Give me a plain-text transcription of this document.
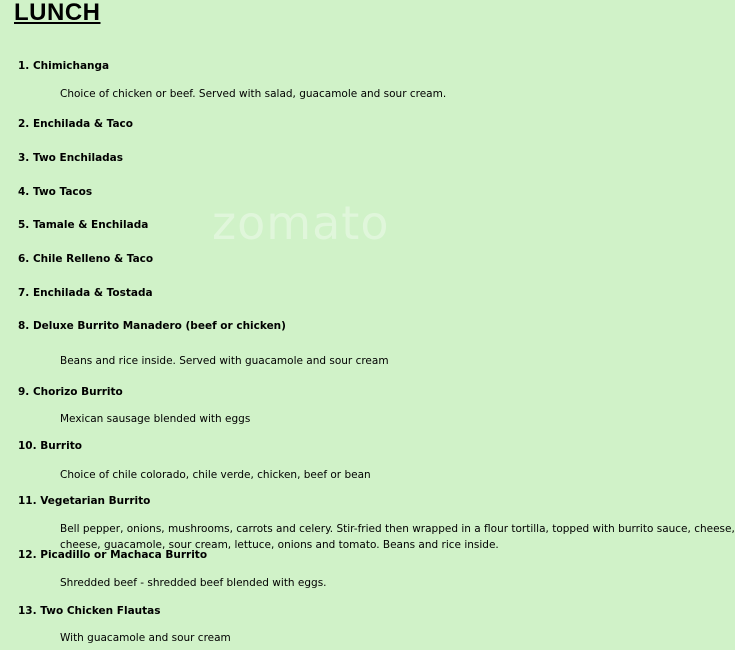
LUNCH
zomato
1. Chimichanga
Choice of chicken or beef. Served with salad, guacamole and sour cream.
2. Enchilada & Taco
3. Two Enchiladas
4. Two Tacos
5. Tamale & Enchilada
6. Chile Relleno & Taco
7. Enchilada & Tostada
8. Deluxe Burrito Manadero (beef or chicken)
Beans and rice inside. Served with guacamole and sour cream
9. Chorizo Burrito
Mexican sausage blended with eggs
10. Burrito
Choice of chile colorado, chile verde, chicken, beef or bean
11. Vegetarian Burrito
Bell pepper, onions, mushrooms, carrots and celery. Stir-fried then wrapped in a flour tortilla, topped with burrito sauce, cheese,
cheese, guacamole, sour cream, lettuce, onions and tomato. Beans and rice inside.
12. Picadillo or Machaca Burrito
Shredded beef - shredded beef blended with eggs.
13. Two Chicken Flautas
With guacamole and sour cream
